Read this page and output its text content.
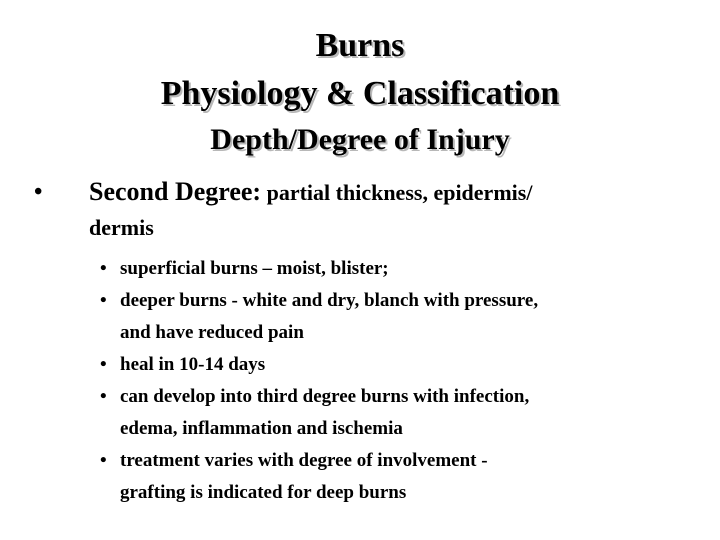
Burns
Physiology & Classification
Depth/Degree of Injury
• Second Degree: partial thickness, epidermis/
dermis
• superficial burns – moist, blister;
• deeper burns - white and dry, blanch with pressure,
and have reduced pain
• heal in 10-14 days
• can develop into third degree burns with infection,
edema, inflammation and ischemia
• treatment varies with degree of involvement -
grafting is indicated for deep burns
